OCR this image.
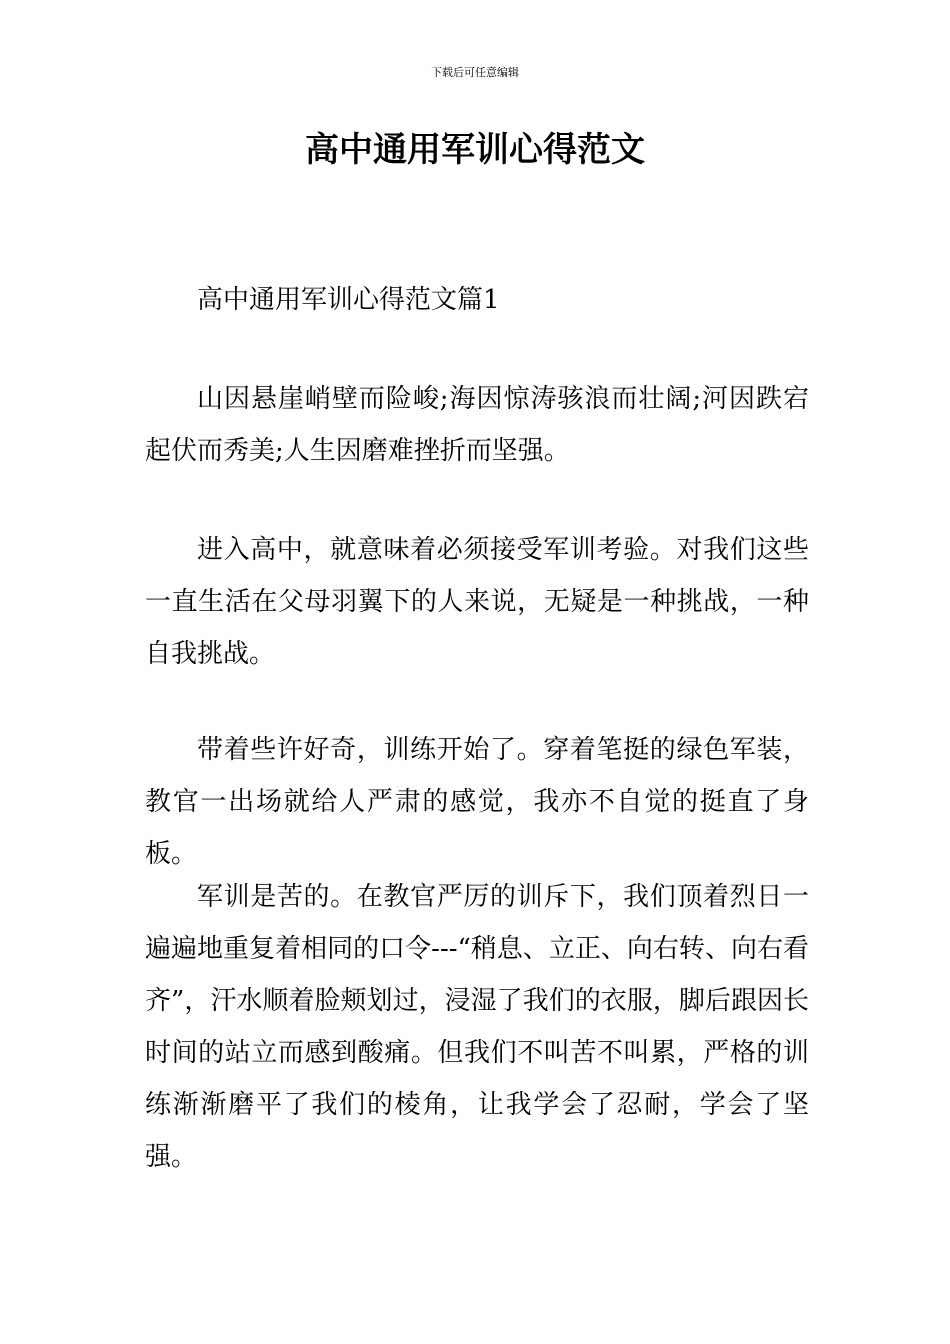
下载后可任意编辑
高中通用军训心得范文

高中通用军训心得范文篇1

山因悬崖峭壁而险峻;海因惊涛骇浪而壮阔;河因跌宕起伏而秀美;人生因磨难挫折而坚强。

进入高中，就意味着必须接受军训考验。对我们这些一直生活在父母羽翼下的人来说，无疑是一种挑战，一种自我挑战。

带着些许好奇，训练开始了。穿着笔挺的绿色军装，教官一出场就给人严肃的感觉，我亦不自觉的挺直了身板。

军训是苦的。在教官严厉的训斥下，我们顶着烈日一遍遍地重复着相同的口令---“稍息、立正、向右转、向右看齐”，汗水顺着脸颊划过，浸湿了我们的衣服，脚后跟因长时间的站立而感到酸痛。但我们不叫苦不叫累，严格的训练渐渐磨平了我们的棱角，让我学会了忍耐，学会了坚强。
